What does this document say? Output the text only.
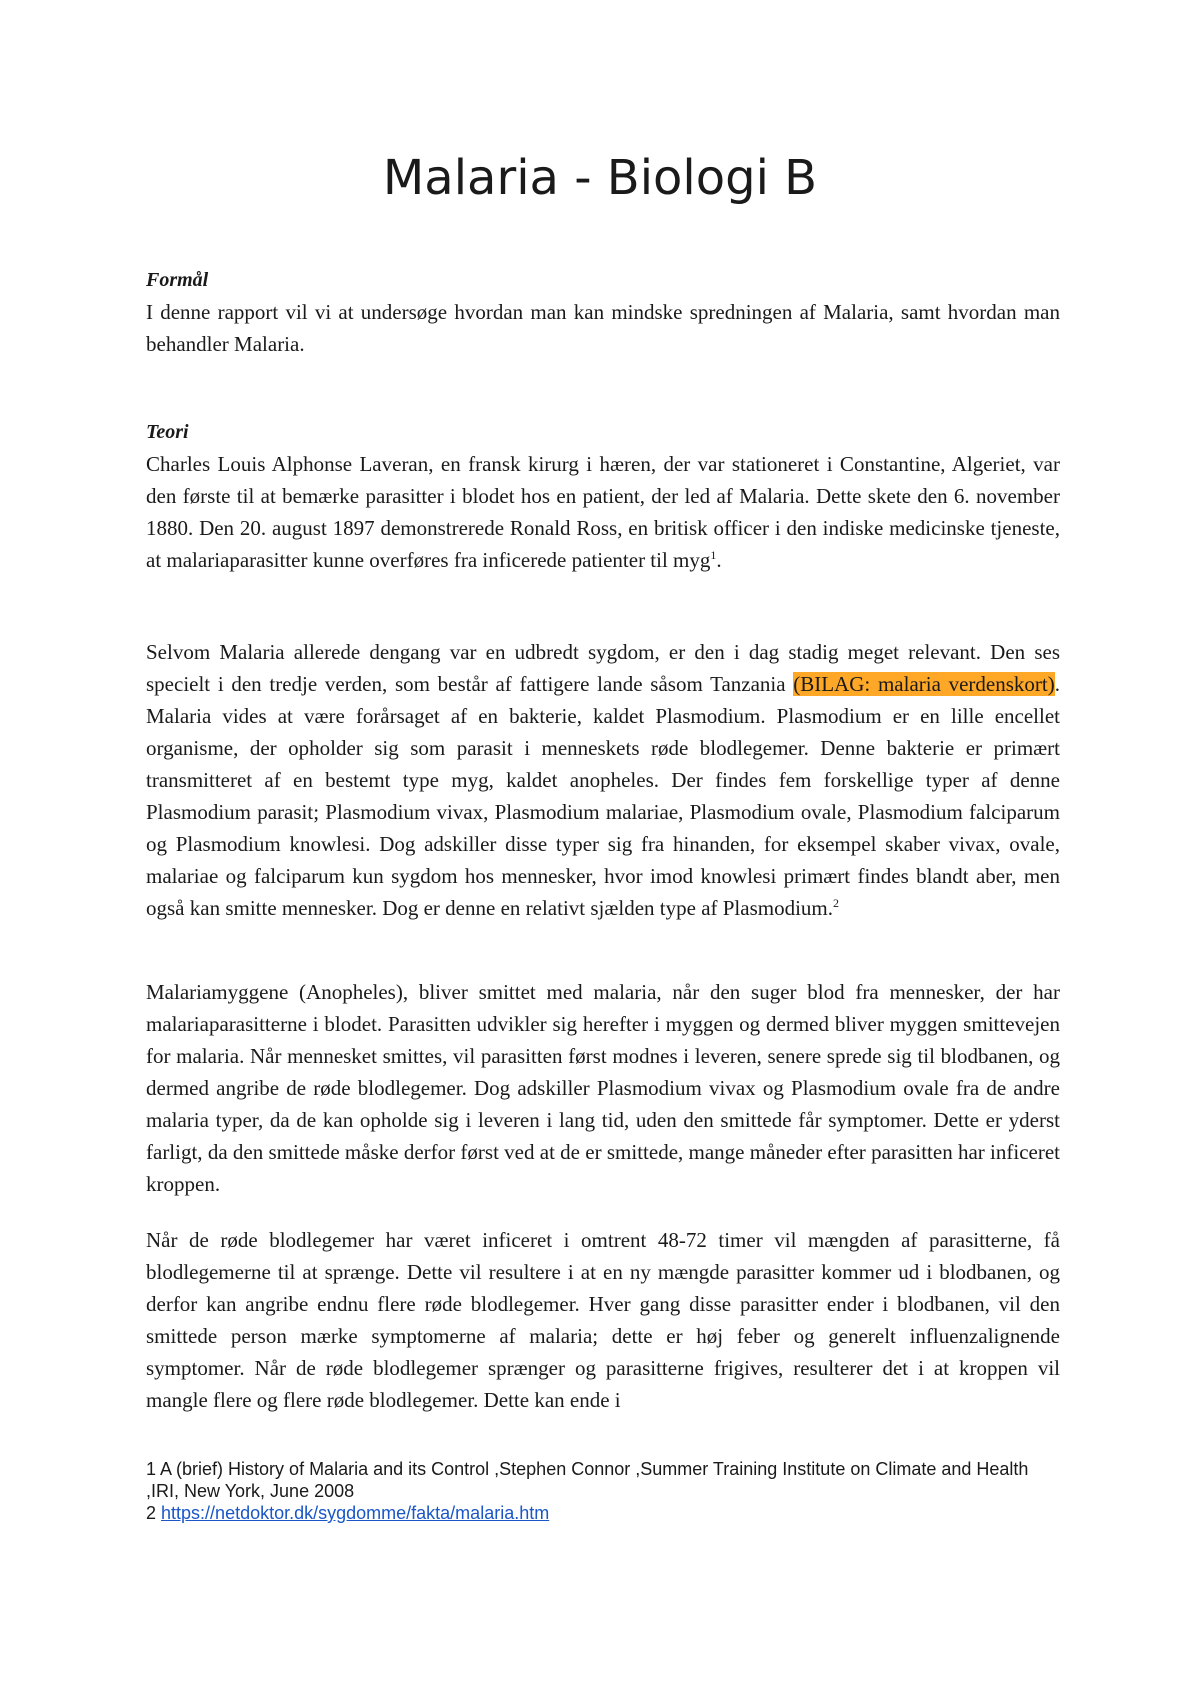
Malaria - Biologi B

Formål

I denne rapport vil vi at undersøge hvordan man kan mindske spredningen af Malaria, samt hvordan man behandler Malaria.

Teori

Charles Louis Alphonse Laveran, en fransk kirurg i hæren, der var stationeret i Constantine, Algeriet, var den første til at bemærke parasitter i blodet hos en patient, der led af Malaria. Dette skete den 6. november 1880. Den 20. august 1897 demonstrerede Ronald Ross, en britisk officer i den indiske medicinske tjeneste, at malariaparasitter kunne overføres fra inficerede patienter til myg$^1$.

Selvom Malaria allerede dengang var en udbredt sygdom, er den i dag stadig meget relevant. Den ses specielt i den tredje verden, som består af fattigere lande såsom Tanzania (BILAG: malaria verdenskort). Malaria vides at være forårsaget af en bakterie, kaldet Plasmodium. Plasmodium er en lille encellet organisme, der opholder sig som parasit i menneskets røde blodlegemer. Denne bakterie er primært transmitteret af en bestemt type myg, kaldet anopheles. Der findes fem forskellige typer af denne Plasmodium parasit; Plasmodium vivax, Plasmodium malariae, Plasmodium ovale, Plasmodium falciparum og Plasmodium knowlesi. Dog adskiller disse typer sig fra hinanden, for eksempel skaber vivax, ovale, malariae og falciparum kun sygdom hos mennesker, hvor imod knowlesi primært findes blandt aber, men også kan smitte mennesker. Dog er denne en relativt sjælden type af Plasmodium.$^2$

Malariamyggene (Anopheles), bliver smittet med malaria, når den suger blod fra mennesker, der har malariaparasitterne i blodet. Parasitten udvikler sig herefter i myggen og dermed bliver myggen smittevejen for malaria. Når mennesket smittes, vil parasitten først modnes i leveren, senere sprede sig til blodbanen, og dermed angribe de røde blodlegemer. Dog adskiller Plasmodium vivax og Plasmodium ovale fra de andre malaria typer, da de kan opholde sig i leveren i lang tid, uden den smittede får symptomer. Dette er yderst farligt, da den smittede måske derfor først ved at de er smittede, mange måneder efter parasitten har inficeret kroppen.

Når de røde blodlegemer har været inficeret i omtrent 48-72 timer vil mængden af parasitterne, få blodlegemerne til at sprænge. Dette vil resultere i at en ny mængde parasitter kommer ud i blodbanen, og derfor kan angribe endnu flere røde blodlegemer. Hver gang disse parasitter ender i blodbanen, vil den smittede person mærke symptomerne af malaria; dette er høj feber og generelt influenzalignende symptomer. Når de røde blodlegemer sprænger og parasitterne frigives, resulterer det i at kroppen vil mangle flere og flere røde blodlegemer. Dette kan ende i

1 A (brief) History of Malaria and its Control ,Stephen Connor ,Summer Training Institute on Climate and Health ,IRI, New York, June 2008

2 https://netdoktor.dk/sygdomme/fakta/malaria.htm
